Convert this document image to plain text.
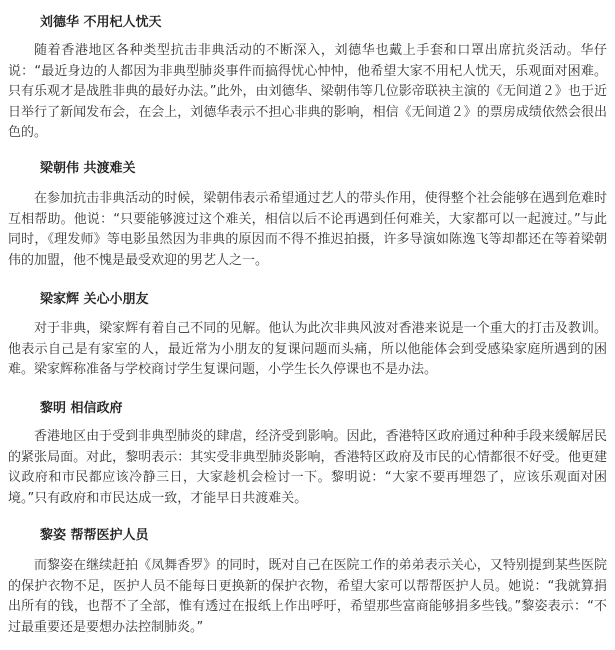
刘德华 不用杞人忧天

随着香港地区各种类型抗击非典活动的不断深入，刘德华也戴上手套和口罩出席抗炎活动。华仔说：“最近身边的人都因为非典型肺炎事件而搞得忧心忡忡，他希望大家不用杞人忧天，乐观面对困难。只有乐观才是战胜非典的最好办法。”此外，由刘德华、梁朝伟等几位影帝联袂主演的《无间道２》也于近日举行了新闻发布会，在会上，刘德华表示不担心非典的影响，相信《无间道２》的票房成绩依然会很出色的。

梁朝伟 共渡难关

在参加抗击非典活动的时候，梁朝伟表示希望通过艺人的带头作用，使得整个社会能够在遇到危难时互相帮助。他说：“只要能够渡过这个难关，相信以后不论再遇到任何难关，大家都可以一起渡过。”与此同时，《理发师》等电影虽然因为非典的原因而不得不推迟拍摄，许多导演如陈逸飞等却都还在等着梁朝伟的加盟，他不愧是最受欢迎的男艺人之一。

梁家辉 关心小朋友

对于非典，梁家辉有着自己不同的见解。他认为此次非典风波对香港来说是一个重大的打击及教训。他表示自己是有家室的人，最近常为小朋友的复课问题而头痛，所以他能体会到受感染家庭所遇到的困难。梁家辉称准备与学校商讨学生复课问题，小学生长久停课也不是办法。

黎明 相信政府

香港地区由于受到非典型肺炎的肆虐，经济受到影响。因此，香港特区政府通过种种手段来缓解居民的紧张局面。对此，黎明表示：其实受非典型肺炎影响，香港特区政府及市民的心情都很不好受。他更建议政府和市民都应该冷静三日，大家趁机会检讨一下。黎明说：“大家不要再埋怨了，应该乐观面对困境。”只有政府和市民达成一致，才能早日共渡难关。

黎姿 帮帮医护人员

而黎姿在继续赶拍《凤舞香罗》的同时，既对自己在医院工作的弟弟表示关心，又特别提到某些医院的保护衣物不足，医护人员不能每日更换新的保护衣物，希望大家可以帮帮医护人员。她说：“我就算捐出所有的钱，也帮不了全部，惟有透过在报纸上作出呼吁，希望那些富商能够捐多些钱。”黎姿表示：“不过最重要还是要想办法控制肺炎。”
